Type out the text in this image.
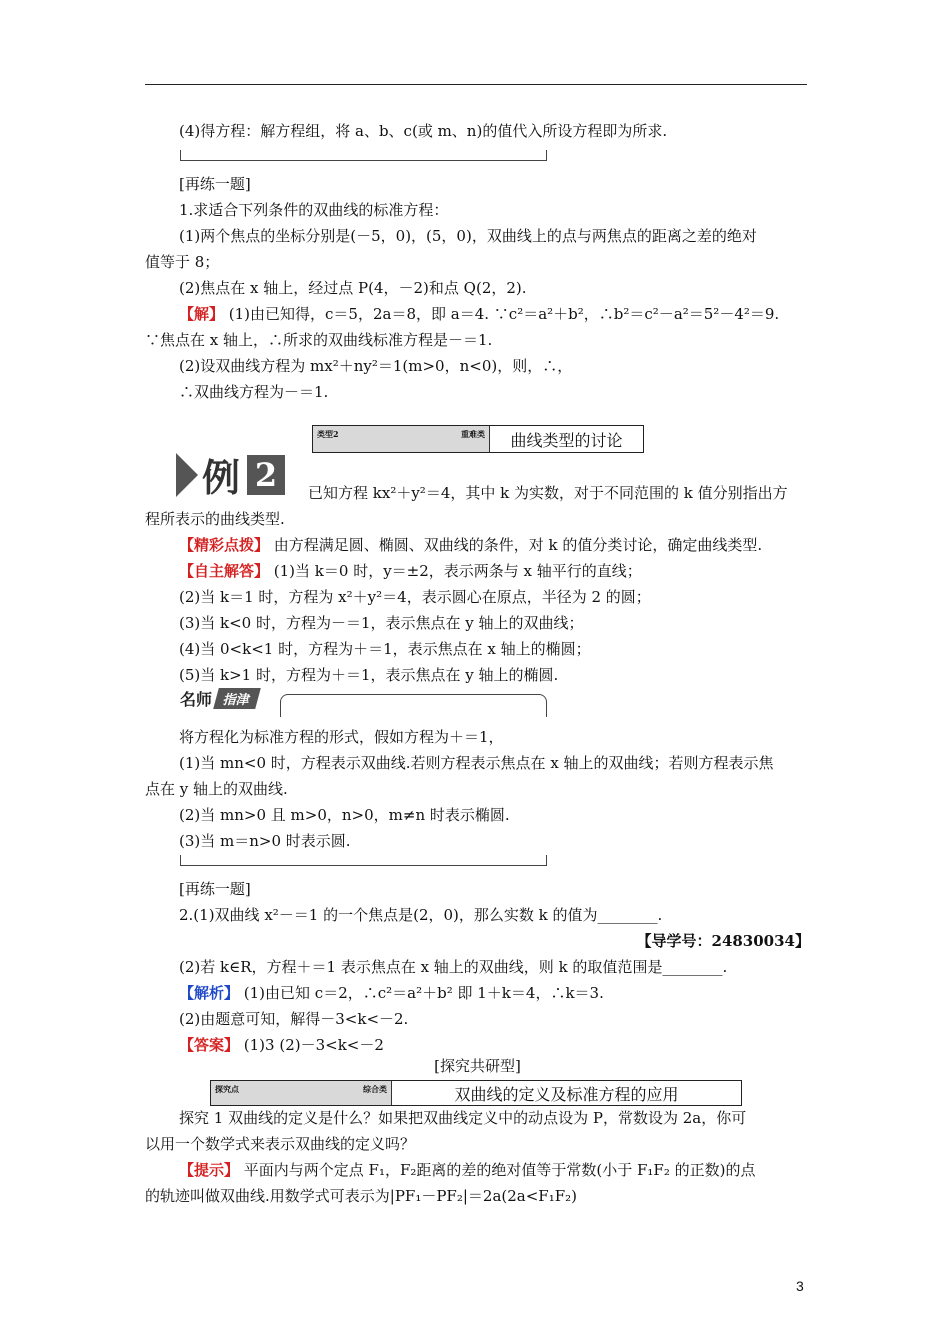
(4)得方程：解方程组，将 a、b、c(或 m、n)的值代入所设方程即为所求.
[再练一题]
1.求适合下列条件的双曲线的标准方程：
(1)两个焦点的坐标分别是(－5，0)，(5，0)，双曲线上的点与两焦点的距离之差的绝对
值等于 8；
(2)焦点在 x 轴上，经过点 P(4，－2)和点 Q(2，2).
【解】 (1)由已知得，c＝5，2a＝8，即 a＝4. ∵c²＝a²＋b²，∴b²＝c²－a²＝5²－4²＝9.
∵焦点在 x 轴上，∴所求的双曲线标准方程是－＝1.
(2)设双曲线方程为 mx²＋ny²＝1(m>0，n<0)，则，∴，
∴双曲线方程为－＝1.
类型2	重难类	曲线类型的讨论
例 2	已知方程 kx²＋y²＝4，其中 k 为实数，对于不同范围的 k 值分别指出方
程所表示的曲线类型.
【精彩点拨】 由方程满足圆、椭圆、双曲线的条件，对 k 的值分类讨论，确定曲线类型.
【自主解答】 (1)当 k＝0 时，y＝±2，表示两条与 x 轴平行的直线；
(2)当 k＝1 时，方程为 x²＋y²＝4，表示圆心在原点，半径为 2 的圆；
(3)当 k<0 时，方程为－＝1，表示焦点在 y 轴上的双曲线；
(4)当 0<k<1 时，方程为＋＝1，表示焦点在 x 轴上的椭圆；
(5)当 k>1 时，方程为＋＝1，表示焦点在 y 轴上的椭圆.
名师 指津
将方程化为标准方程的形式，假如方程为＋＝1，
(1)当 mn<0 时，方程表示双曲线.若则方程表示焦点在 x 轴上的双曲线；若则方程表示焦
点在 y 轴上的双曲线.
(2)当 mn>0 且 m>0，n>0，m≠n 时表示椭圆.
(3)当 m＝n>0 时表示圆.
[再练一题]
2.(1)双曲线 x²－＝1 的一个焦点是(2，0)，那么实数 k 的值为________.
【导学号：24830034】
(2)若 k∈R，方程＋＝1 表示焦点在 x 轴上的双曲线，则 k 的取值范围是________.
【解析】 (1)由已知 c＝2，∴c²＝a²＋b² 即 1＋k＝4，∴k＝3.
(2)由题意可知，解得－3<k<－2.
【答案】 (1)3 (2)－3<k<－2
[探究共研型]
探究点	综合类	双曲线的定义及标准方程的应用
探究 1 双曲线的定义是什么？如果把双曲线定义中的动点设为 P，常数设为 2a，你可
以用一个数学式来表示双曲线的定义吗？
【提示】 平面内与两个定点 F₁，F₂距离的差的绝对值等于常数(小于 F₁F₂ 的正数)的点
的轨迹叫做双曲线.用数学式可表示为|PF₁－PF₂|＝2a(2a<F₁F₂)
3
